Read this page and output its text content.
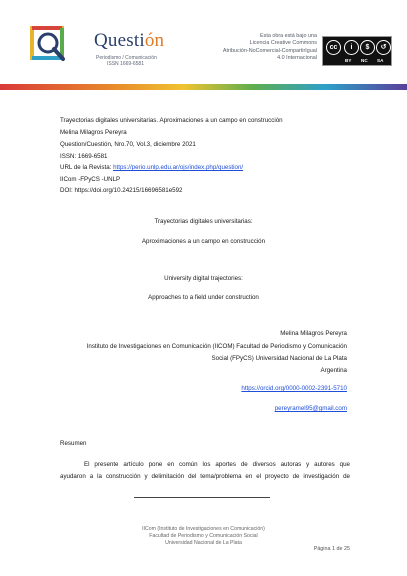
Questión
Periodismo / Comunicación
ISSN 1669-6581
Esta obra está bajo una
Licencia Creative Commons
Atribución-NoComercial-CompartirIgual
4.0 Internacional
cc	i	$	↺
BY NC SA
Trayectorias digitales universitarias. Aproximaciones a un campo en construcción
Melina Milagros Pereyra
Question/Cuestión, Nro.70, Vol.3, diciembre 2021
ISSN: 1669-6581
URL de la Revista: https://perio.unlp.edu.ar/ojs/index.php/question/
IICom -FPyCS -UNLP
DOI: https://doi.org/10.24215/16696581e592
Trayectorias digitales universitarias:
Aproximaciones a un campo en construcción
University digital trajectories:
Approaches to a field under construction
Melina Milagros Pereyra
Instituto de Investigaciones en Comunicación (IICOM) Facultad de Periodismo y Comunicación
Social (FPyCS) Universidad Nacional de La Plata
Argentina
https://orcid.org/0000-0002-2391-5710
pereyramel95@gmail.com
Resumen
El presente artículo pone en común los aportes de diversos autoras y autores que
ayudaron a la construcción y delimitación del tema/problema en el proyecto de investigación de
IICom (Instituto de Investigaciones en Comunicación)
Facultad de Periodismo y Comunicación Social
Universidad Nacional de La Plata
Página 1 de 25
